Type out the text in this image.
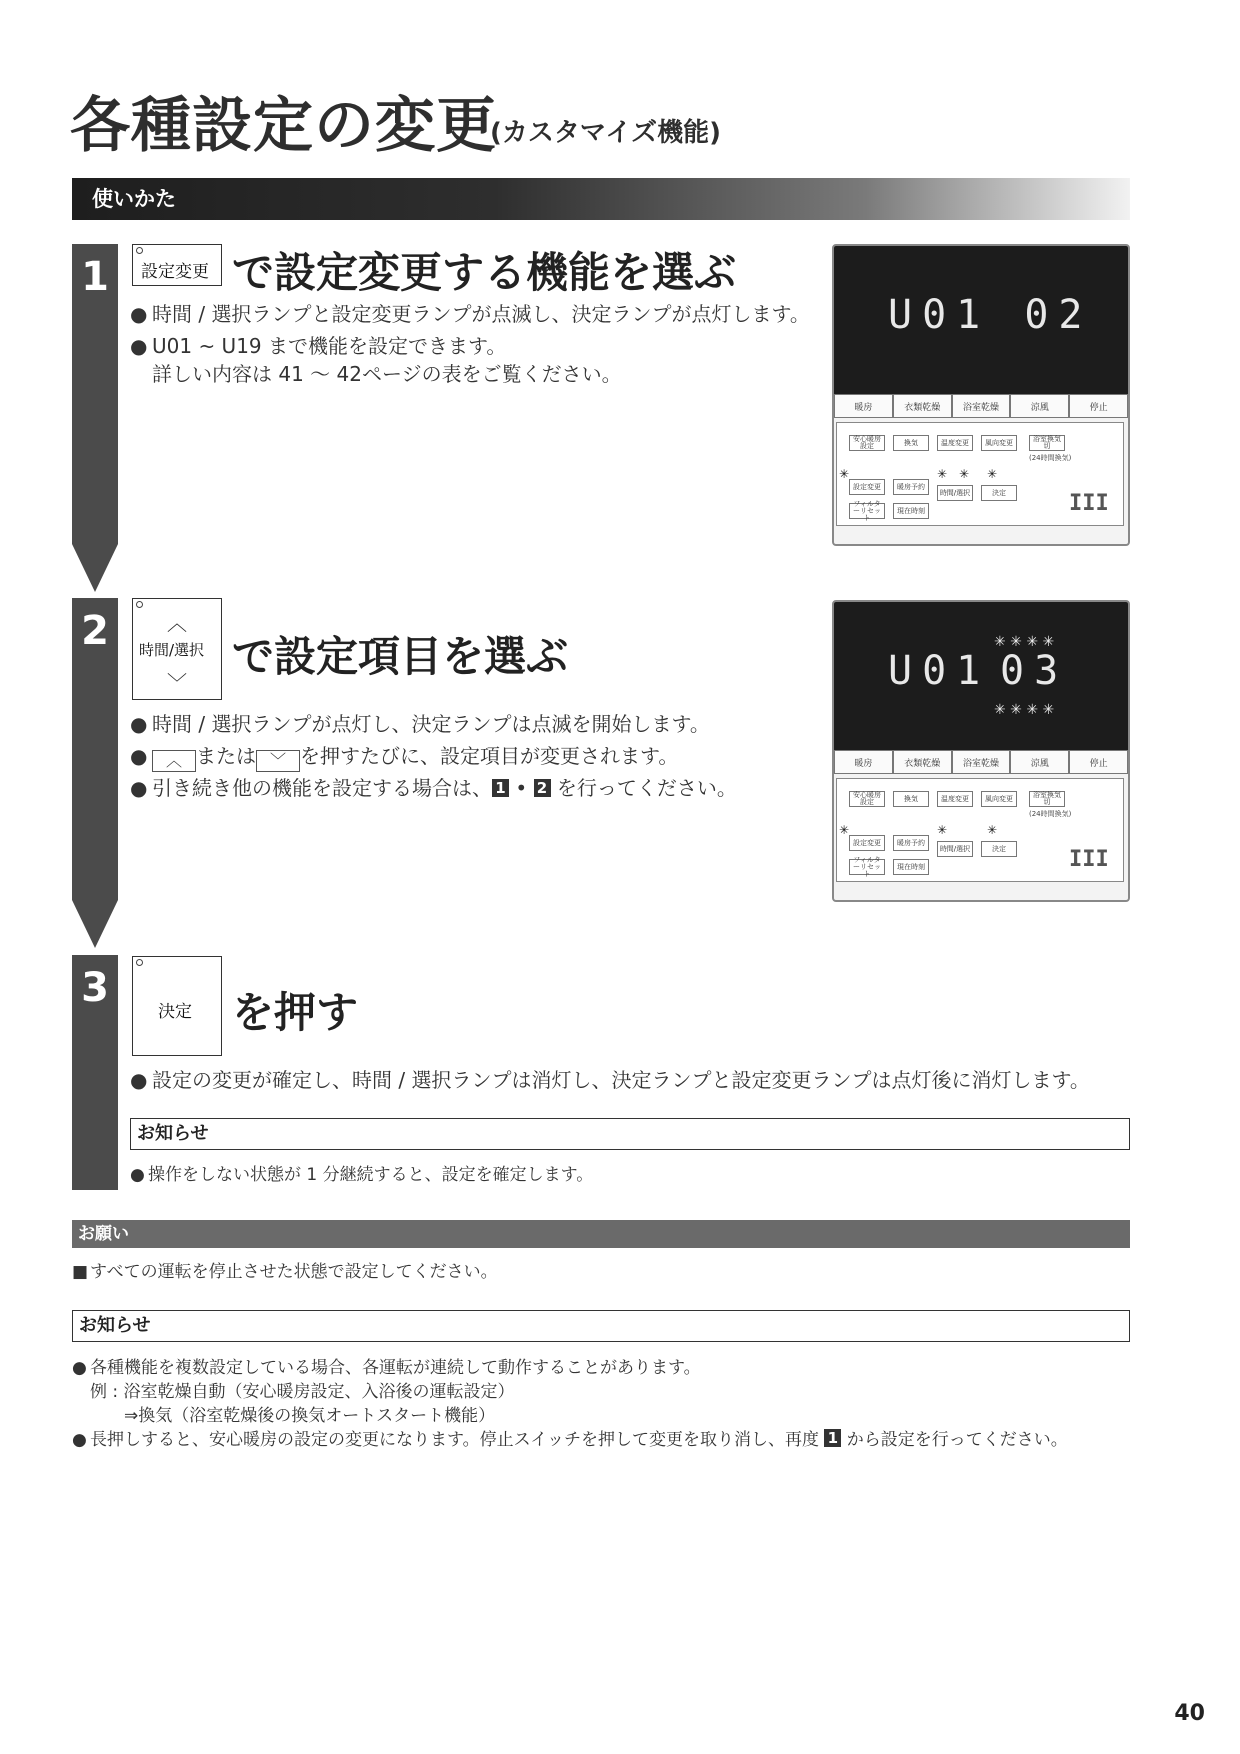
各種設定の変更
(カスタマイズ機能)
使いかた
1	設定変更 で設定変更する機能を選ぶ
● 時間 / 選択ランプと設定変更ランプが点滅し、決定ランプが点灯します。
● U01 ~ U19 まで機能を設定できます。
詳しい内容は 41 ～ 42ページの表をご覧ください。
U01 02
暖房	衣類乾燥	浴室乾燥	涼風	停止
安心暖房設定	換気	温度変更	風向変更	浴室換気切
(24時間換気)
設定変更	暖房予約
時間/選択	決定
フィルターリセット
現在時刻	III
✳	✳ ✳ ✳
2	︿
時間/選択
﹀
で設定項目を選ぶ
● 時間 / 選択ランプが点灯し、決定ランプは点滅を開始します。
● ︿ または ﹀ を押すたびに、設定項目が変更されます。
● 引き続き他の機能を設定する場合は、 1 • 2 を行ってください。
U01 03
✳ ✳ ✳ ✳
✳ ✳ ✳ ✳
暖房	衣類乾燥	浴室乾燥	涼風	停止
安心暖房設定	換気	温度変更	風向変更	浴室換気切
(24時間換気)
設定変更	暖房予約
時間/選択	決定
フィルターリセット
現在時刻	III
✳	✳	✳
3
決定 を押す
● 設定の変更が確定し、時間 / 選択ランプは消灯し、決定ランプと設定変更ランプは点灯後に消灯します。
お知らせ
● 操作をしない状態が 1 分継続すると、設定を確定します。
お願い
■ すべての運転を停止させた状態で設定してください。
お知らせ
● 各種機能を複数設定している場合、各運転が連続して動作することがあります。
例 : 浴室乾燥自動（安心暖房設定、入浴後の運転設定）
⇒換気（浴室乾燥後の換気オートスタート機能）
● 長押しすると、安心暖房の設定の変更になります。停止スイッチを押して変更を取り消し、再度 1 から設定を行ってください。
40
